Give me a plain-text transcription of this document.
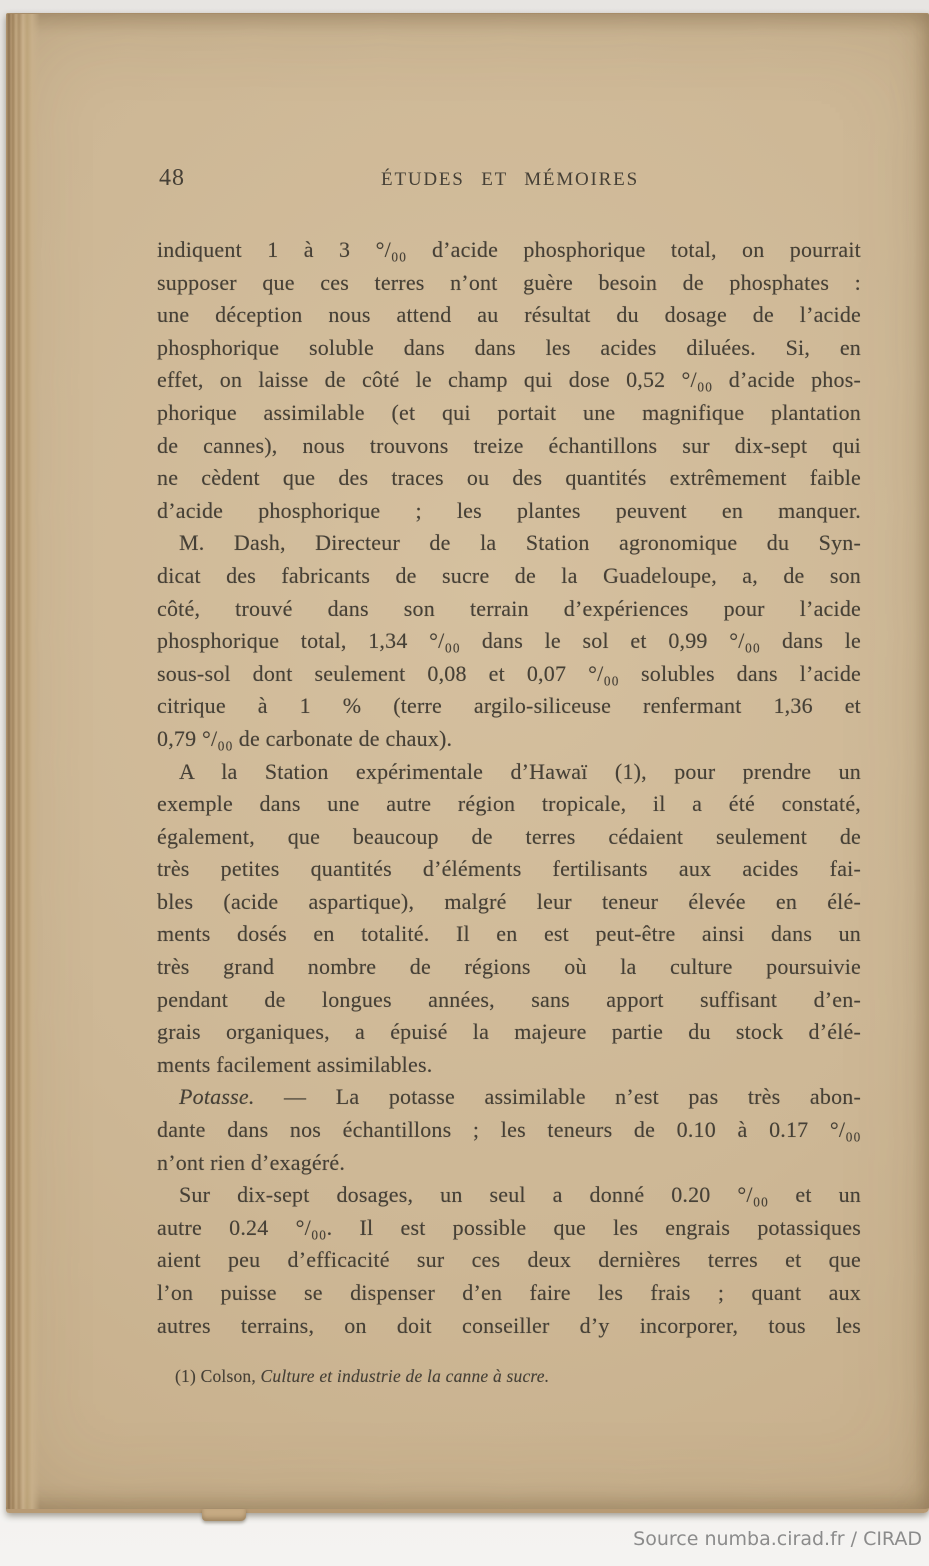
48	ÉTUDES ET MÉMOIRES
indiquent 1 à 3 °/₀₀ d’acide phosphorique total, on pourrait
supposer que ces terres n’ont guère besoin de phosphates :
une déception nous attend au résultat du dosage de l’acide
phosphorique soluble dans dans les acides diluées. Si, en
effet, on laisse de côté le champ qui dose 0,52 °/₀₀ d’acide phos-
phorique assimilable (et qui portait une magnifique plantation
de cannes), nous trouvons treize échantillons sur dix-sept qui
ne cèdent que des traces ou des quantités extrêmement faible
d’acide phosphorique ; les plantes peuvent en manquer.
M. Dash, Directeur de la Station agronomique du Syn-
dicat des fabricants de sucre de la Guadeloupe, a, de son
côté, trouvé dans son terrain d’expériences pour l’acide
phosphorique total, 1,34 °/₀₀ dans le sol et 0,99 °/₀₀ dans le
sous-sol dont seulement 0,08 et 0,07 °/₀₀ solubles dans l’acide
citrique à 1 % (terre argilo-siliceuse renfermant 1,36 et
0,79 °/₀₀ de carbonate de chaux).
A la Station expérimentale d’Hawaï (1), pour prendre un
exemple dans une autre région tropicale, il a été constaté,
également, que beaucoup de terres cédaient seulement de
très petites quantités d’éléments fertilisants aux acides fai-
bles (acide aspartique), malgré leur teneur élevée en élé-
ments dosés en totalité. Il en est peut-être ainsi dans un
très grand nombre de régions où la culture poursuivie
pendant de longues années, sans apport suffisant d’en-
grais organiques, a épuisé la majeure partie du stock d’élé-
ments facilement assimilables.
Potasse. — La potasse assimilable n’est pas très abon-
dante dans nos échantillons ; les teneurs de 0.10 à 0.17 °/₀₀
n’ont rien d’exagéré.
Sur dix-sept dosages, un seul a donné 0.20 °/₀₀ et un
autre 0.24 °/₀₀. Il est possible que les engrais potassiques
aient peu d’efficacité sur ces deux dernières terres et que
l’on puisse se dispenser d’en faire les frais ; quant aux
autres terrains, on doit conseiller d’y incorporer, tous les
(1) Colson, Culture et industrie de la canne à sucre.
Source numba.cirad.fr / CIRAD
